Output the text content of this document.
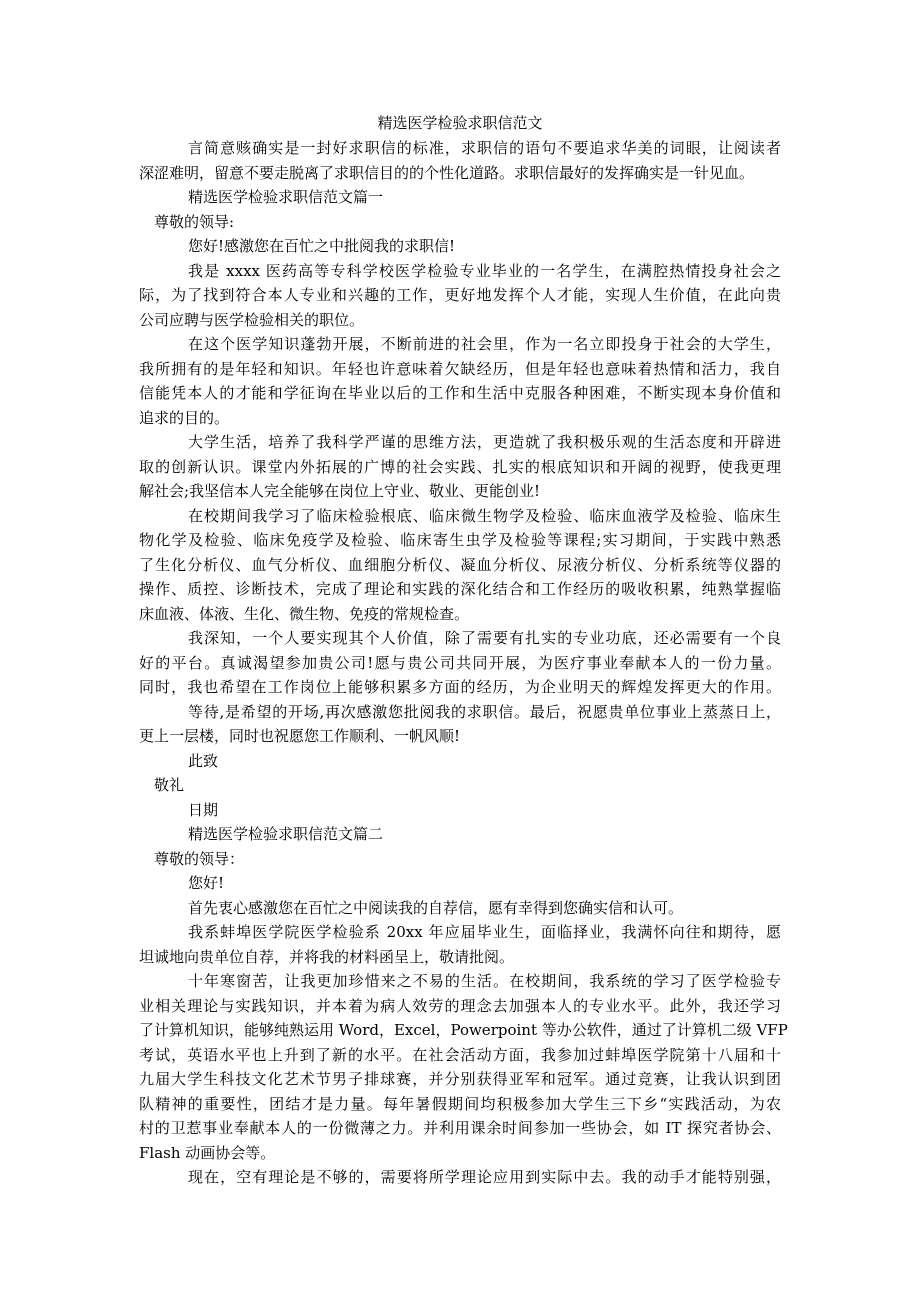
精选医学检验求职信范文
言简意赅确实是一封好求职信的标准，求职信的语句不要追求华美的词眼，让阅读者
深涩难明，留意不要走脱离了求职信目的的个性化道路。求职信最好的发挥确实是一针见血。
精选医学检验求职信范文篇一
尊敬的领导:
您好!感激您在百忙之中批阅我的求职信!
我是 xxxx 医药高等专科学校医学检验专业毕业的一名学生，在满腔热情投身社会之
际，为了找到符合本人专业和兴趣的工作，更好地发挥个人才能，实现人生价值，在此向贵
公司应聘与医学检验相关的职位。
在这个医学知识蓬勃开展，不断前进的社会里，作为一名立即投身于社会的大学生，
我所拥有的是年轻和知识。年轻也许意味着欠缺经历，但是年轻也意味着热情和活力，我自
信能凭本人的才能和学征询在毕业以后的工作和生活中克服各种困难，不断实现本身价值和
追求的目的。
大学生活，培养了我科学严谨的思维方法，更造就了我积极乐观的生活态度和开辟进
取的创新认识。课堂内外拓展的广博的社会实践、扎实的根底知识和开阔的视野，使我更理
解社会;我坚信本人完全能够在岗位上守业、敬业、更能创业!
在校期间我学习了临床检验根底、临床微生物学及检验、临床血液学及检验、临床生
物化学及检验、临床免疫学及检验、临床寄生虫学及检验等课程;实习期间，于实践中熟悉
了生化分析仪、血气分析仪、血细胞分析仪、凝血分析仪、尿液分析仪、分析系统等仪器的
操作、质控、诊断技术，完成了理论和实践的深化结合和工作经历的吸收积累，纯熟掌握临
床血液、体液、生化、微生物、免疫的常规检查。
我深知，一个人要实现其个人价值，除了需要有扎实的专业功底，还必需要有一个良
好的平台。真诚渴望参加贵公司!愿与贵公司共同开展，为医疗事业奉献本人的一份力量。
同时，我也希望在工作岗位上能够积累多方面的经历，为企业明天的辉煌发挥更大的作用。
等待,是希望的开场,再次感激您批阅我的求职信。最后，祝愿贵单位事业上蒸蒸日上，
更上一层楼，同时也祝愿您工作顺利、一帆风顺!
此致
敬礼
日期
精选医学检验求职信范文篇二
尊敬的领导：
您好!
首先衷心感激您在百忙之中阅读我的自荐信，愿有幸得到您确实信和认可。
我系蚌埠医学院医学检验系 20xx 年应届毕业生，面临择业，我满怀向往和期待，愿
坦诚地向贵单位自荐，并将我的材料函呈上，敬请批阅。
十年寒窗苦，让我更加珍惜来之不易的生活。在校期间，我系统的学习了医学检验专
业相关理论与实践知识，并本着为病人效劳的理念去加强本人的专业水平。此外，我还学习
了计算机知识，能够纯熟运用 Word，Excel，Powerpoint 等办公软件，通过了计算机二级 VFP
考试，英语水平也上升到了新的水平。在社会活动方面，我参加过蚌埠医学院第十八届和十
九届大学生科技文化艺术节男子排球赛，并分别获得亚军和冠军。通过竞赛，让我认识到团
队精神的重要性，团结才是力量。每年暑假期间均积极参加大学生三下乡“实践活动，为农
村的卫惹事业奉献本人的一份微薄之力。并利用课余时间参加一些协会，如 IT 探究者协会、
Flash 动画协会等。
现在，空有理论是不够的，需要将所学理论应用到实际中去。我的动手才能特别强，
